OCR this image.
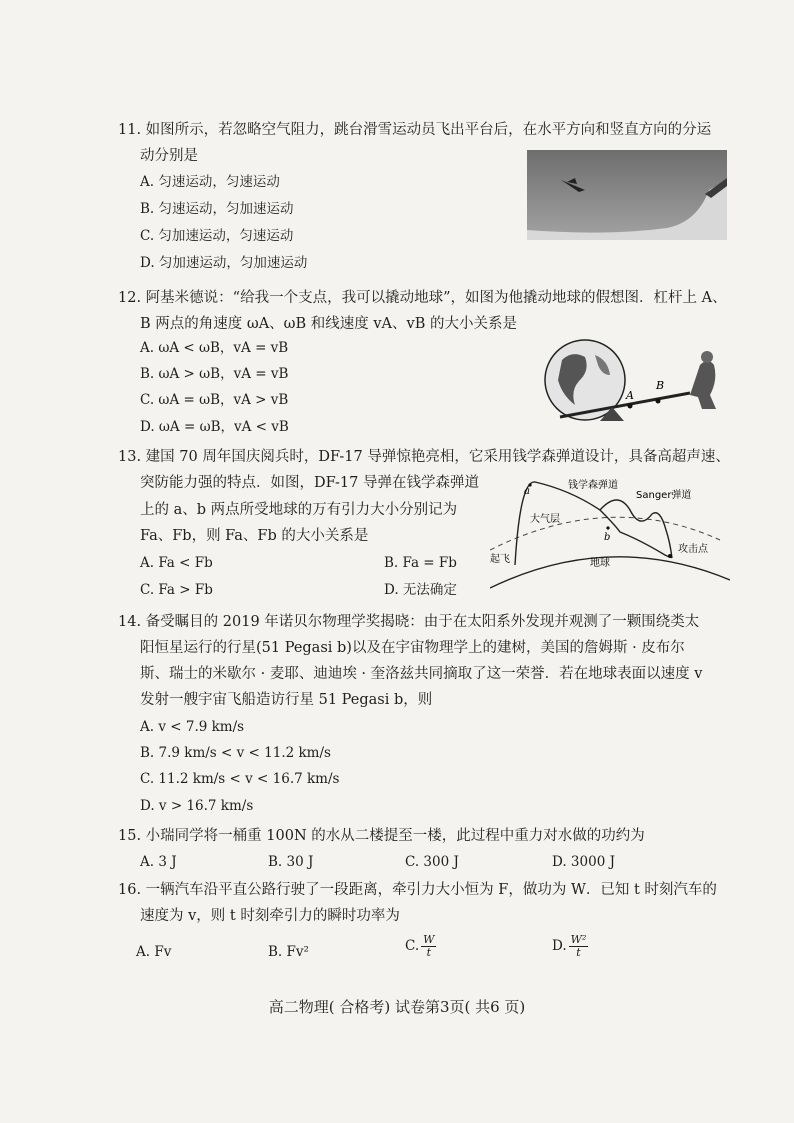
11. 如图所示，若忽略空气阻力，跳台滑雪运动员飞出平台后，在水平方向和竖直方向的分运
动分别是
A. 匀速运动，匀速运动
B. 匀速运动，匀加速运动
C. 匀加速运动，匀速运动
D. 匀加速运动，匀加速运动
12. 阿基米德说：“给我一个支点，我可以撬动地球”，如图为他撬动地球的假想图．杠杆上 A、
B 两点的角速度 ωA、ωB 和线速度 vA、vB 的大小关系是
A. ωA < ωB，vA = vB
B. ωA > ωB，vA = vB
C. ωA = ωB，vA > vB
D. ωA = ωB，vA < vB
A
B
13. 建国 70 周年国庆阅兵时，DF-17 导弹惊艳亮相，它采用钱学森弹道设计，具备高超声速、
突防能力强的特点．如图，DF-17 导弹在钱学森弹道
上的 a、b 两点所受地球的万有引力大小分别记为
Fa、Fb，则 Fa、Fb 的大小关系是
A. Fa < Fb	B. Fa = Fb
C. Fa > Fb	D. 无法确定
a
b
钱学森弹道
Sanger弹道
大气层
起飞	地球
攻击点
14. 备受瞩目的 2019 年诺贝尔物理学奖揭晓：由于在太阳系外发现并观测了一颗围绕类太
阳恒星运行的行星(51 Pegasi b)以及在宇宙物理学上的建树，美国的詹姆斯 · 皮布尔
斯、瑞士的米歇尔 · 麦耶、迪迪埃 · 奎洛兹共同摘取了这一荣誉．若在地球表面以速度 v
发射一艘宇宙飞船造访行星 51 Pegasi b，则
A. v < 7.9 km/s
B. 7.9 km/s < v < 11.2 km/s
C. 11.2 km/s < v < 16.7 km/s
D. v > 16.7 km/s
15. 小瑞同学将一桶重 100N 的水从二楼提至一楼，此过程中重力对水做的功约为
A. 3 J	B. 30 J	C. 300 J	D. 3000 J
16. 一辆汽车沿平直公路行驶了一段距离，牵引力大小恒为 F，做功为 W．已知 t 时刻汽车的
速度为 v，则 t 时刻牵引力的瞬时功率为
A. Fv	B. Fv²	C. $\frac{W}{t}$	D. $\frac{\text{W²}}{t}$
高二物理( 合格考) 试卷第3页( 共6 页)
